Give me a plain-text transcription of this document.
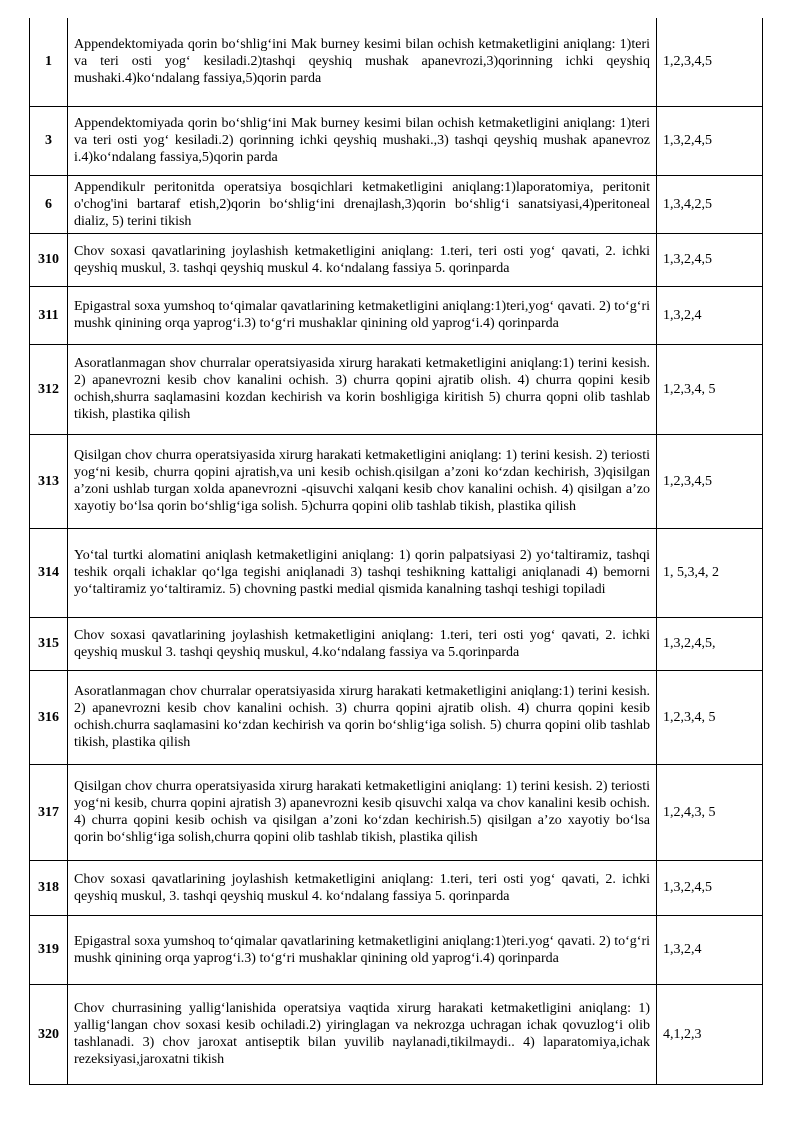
1	Appendektomiyada qorin bo‘shlig‘ini Mak burney kesimi bilan ochish ketmaketligini aniqlang: 1)teri va teri osti yog‘ kesiladi.2)tashqi qeyshiq mushak apanevrozi,3)qorinning ichki qeyshiq mushaki.4)ko‘ndalang fassiya,5)qorin parda	1,2,3,4,5
3	Appendektomiyada qorin bo‘shlig‘ini Mak burney kesimi bilan ochish ketmaketligini aniqlang: 1)teri va teri osti yog‘ kesiladi.2) qorinning ichki qeyshiq mushaki.,3) tashqi qeyshiq mushak apanevroz i.4)ko‘ndalang fassiya,5)qorin parda	1,3,2,4,5
6	Appendikulr peritonitda operatsiya bosqichlari ketmaketligini aniqlang:1)laporatomiya, peritonit o'chog'ini bartaraf etish,2)qorin bo‘shlig‘ini drenajlash,3)qorin bo‘shlig‘i sanatsiyasi,4)peritoneal dializ, 5) terini tikish	1,3,4,2,5
310	Chov soxasi qavatlarining joylashish ketmaketligini aniqlang: 1.teri, teri osti yog‘ qavati, 2. ichki qeyshiq muskul, 3. tashqi qeyshiq muskul 4. ko‘ndalang fassiya 5. qorinparda	1,3,2,4,5
311	Epigastral soxa yumshoq to‘qimalar qavatlarining ketmaketligini aniqlang:1)teri,yog‘ qavati. 2) to‘g‘ri mushk qinining orqa yaprog‘i.3) to‘g‘ri mushaklar qinining old yaprog‘i.4) qorinparda	1,3,2,4
312	Asoratlanmagan shov churralar operatsiyasida xirurg harakati ketmaketligini aniqlang:1) terini kesish. 2) apanevrozni kesib chov kanalini ochish. 3) churra qopini ajratib olish. 4) churra qopini kesib ochish,shurra saqlamasini kozdan kechirish va korin boshligiga kiritish 5) churra qopni olib tashlab tikish, plastika qilish	1,2,3,4, 5
313	Qisilgan chov churra operatsiyasida xirurg harakati ketmaketligini aniqlang: 1) terini kesish. 2) teriosti yog‘ni kesib, churra qopini ajratish,va uni kesib ochish.qisilgan a’zoni ko‘zdan kechirish, 3)qisilgan a’zoni ushlab turgan xolda apanevrozni -qisuvchi xalqani kesib chov kanalini ochish. 4) qisilgan a’zo xayotiy bo‘lsa qorin bo‘shlig‘iga solish. 5)churra qopini olib tashlab tikish, plastika qilish	1,2,3,4,5
314	Yo‘tal turtki alomatini aniqlash ketmaketligini aniqlang: 1) qorin palpatsiyasi 2) yo‘taltiramiz, tashqi teshik orqali ichaklar qo‘lga tegishi aniqlanadi 3) tashqi teshikning kattaligi aniqlanadi 4) bemorni yo‘taltiramiz yo‘taltiramiz. 5) chovning pastki medial qismida kanalning tashqi teshigi topiladi	1, 5,3,4, 2
315	Chov soxasi qavatlarining joylashish ketmaketligini aniqlang: 1.teri, teri osti yog‘ qavati, 2. ichki qeyshiq muskul 3. tashqi qeyshiq muskul, 4.ko‘ndalang fassiya va 5.qorinparda	1,3,2,4,5,
316	Asoratlanmagan chov churralar operatsiyasida xirurg harakati ketmaketligini aniqlang:1) terini kesish. 2) apanevrozni kesib chov kanalini ochish. 3) churra qopini ajratib olish. 4) churra qopini kesib ochish.churra saqlamasini ko‘zdan kechirish va qorin bo‘shlig‘iga solish. 5) churra qopini olib tashlab tikish, plastika qilish	1,2,3,4, 5
317	Qisilgan chov churra operatsiyasida xirurg harakati ketmaketligini aniqlang: 1) terini kesish. 2) teriosti yog‘ni kesib, churra qopini ajratish 3) apanevrozni kesib qisuvchi xalqa va chov kanalini kesib ochish. 4) churra qopini kesib ochish va qisilgan a’zoni ko‘zdan kechirish.5) qisilgan a’zo xayotiy bo‘lsa qorin bo‘shlig‘iga solish,churra qopini olib tashlab tikish, plastika qilish	1,2,4,3, 5
318	Chov soxasi qavatlarining joylashish ketmaketligini aniqlang: 1.teri, teri osti yog‘ qavati, 2. ichki qeyshiq muskul, 3. tashqi qeyshiq muskul 4. ko‘ndalang fassiya 5. qorinparda	1,3,2,4,5
319	Epigastral soxa yumshoq to‘qimalar qavatlarining ketmaketligini aniqlang:1)teri.yog‘ qavati. 2) to‘g‘ri mushk qinining orqa yaprog‘i.3) to‘g‘ri mushaklar qinining old yaprog‘i.4) qorinparda	1,3,2,4
320	Chov churrasining yallig‘lanishida operatsiya vaqtida xirurg harakati ketmaketligini aniqlang: 1) yallig‘langan chov soxasi kesib ochiladi.2) yiringlagan va nekrozga uchragan ichak qovuzlog‘i olib tashlanadi. 3) chov jaroxat antiseptik bilan yuvilib naylanadi,tikilmaydi.. 4) laparatomiya,ichak rezeksiyasi,jaroxatni tikish	4,1,2,3
